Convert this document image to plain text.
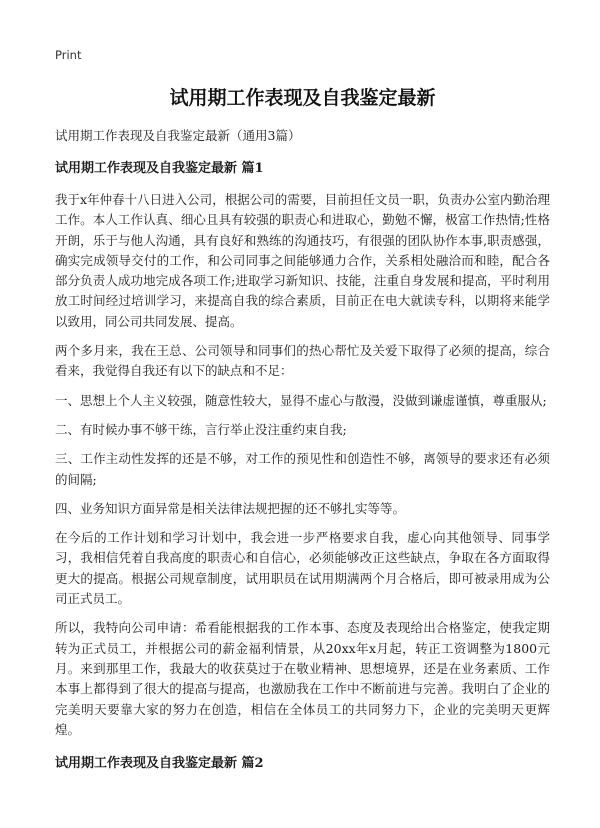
Print
试用期工作表现及自我鉴定最新

试用期工作表现及自我鉴定最新（通用3篇）

试用期工作表现及自我鉴定最新 篇1

我于x年仲春十八日进入公司，根据公司的需要，目前担任文员一职，负责办公室内勤治理工作。本人工作认真、细心且具有较强的职责心和进取心，勤勉不懈，极富工作热情;性格开朗，乐于与他人沟通，具有良好和熟练的沟通技巧，有很强的团队协作本事,职责感强，确实完成领导交付的工作，和公司同事之间能够通力合作，关系相处融洽而和睦，配合各部分负责人成功地完成各项工作;进取学习新知识、技能，注重自身发展和提高，平时利用放工时间经过培训学习，来提高自我的综合素质，目前正在电大就读专科，以期将来能学以致用，同公司共同发展、提高。

两个多月来，我在王总、公司领导和同事们的热心帮忙及关爱下取得了必须的提高，综合看来，我觉得自我还有以下的缺点和不足：

一、思想上个人主义较强，随意性较大，显得不虚心与散漫，没做到谦虚谨慎，尊重服从;

二、有时候办事不够干练，言行举止没注重约束自我;

三、工作主动性发挥的还是不够，对工作的预见性和创造性不够，离领导的要求还有必须的间隔;

四、业务知识方面异常是相关法律法规把握的还不够扎实等等。

在今后的工作计划和学习计划中，我会进一步严格要求自我，虚心向其他领导、同事学习，我相信凭着自我高度的职责心和自信心，必须能够改正这些缺点，争取在各方面取得更大的提高。根据公司规章制度，试用职员在试用期满两个月合格后，即可被录用成为公司正式员工。

所以，我特向公司申请：希看能根据我的工作本事、态度及表现给出合格鉴定，使我定期转为正式员工，并根据公司的薪金福利情景，从20xx年x月起，转正工资调整为1800元月。来到那里工作，我最大的收获莫过于在敬业精神、思想境界，还是在业务素质、工作本事上都得到了很大的提高与提高，也激励我在工作中不断前进与完善。我明白了企业的完美明天要靠大家的努力在创造，相信在全体员工的共同努力下，企业的完美明天更辉煌。

试用期工作表现及自我鉴定最新 篇2
